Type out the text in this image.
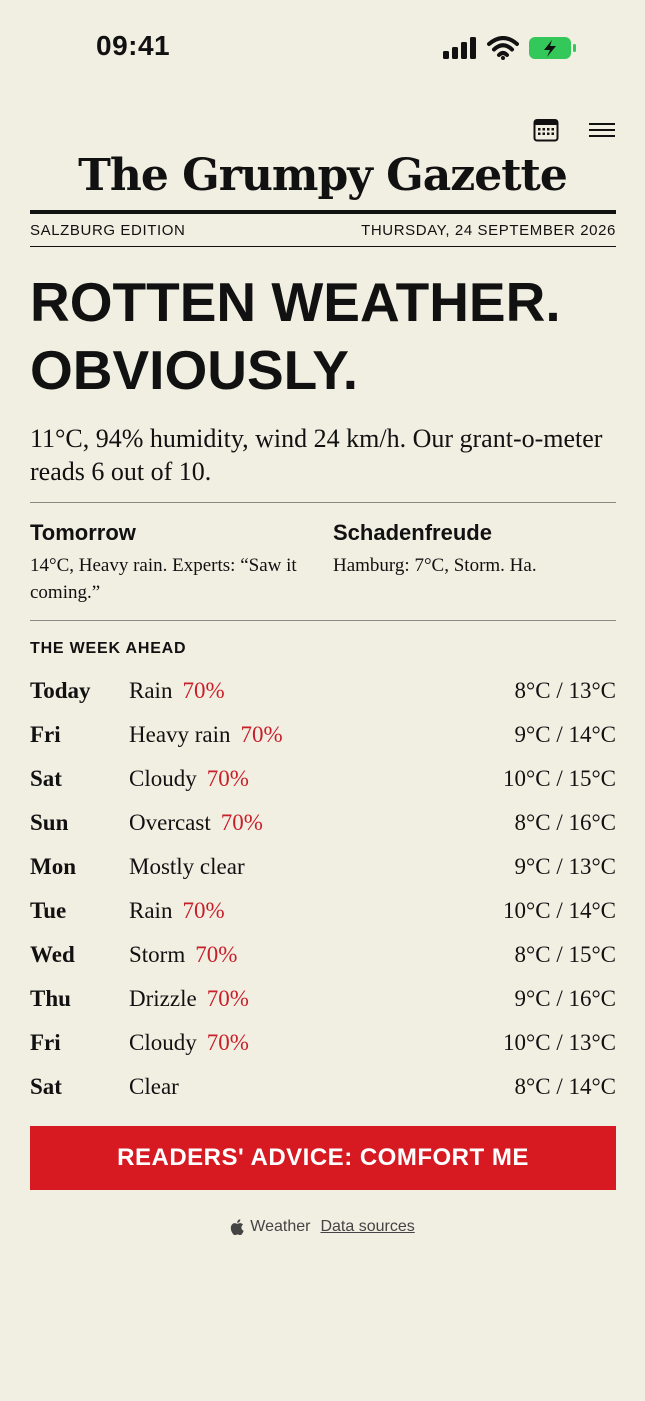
09:41
The Grumpy Gazette
SALZBURG EDITION	THURSDAY, 24 SEPTEMBER 2026
ROTTEN WEATHER. OBVIOUSLY.

11°C, 94% humidity, wind 24 km/h. Our grant-o-meter reads 6 out of 10.

Tomorrow
14°C, Heavy rain. Experts: “Saw it coming.”
Schadenfreude
Hamburg: 7°C, Storm. Ha.
THE WEEK AHEAD
Today Rain 70%	8°C / 13°C
Fri	Heavy rain 70%	9°C / 14°C
Sat	Cloudy 70%	10°C / 15°C
Sun	Overcast 70%	8°C / 16°C
Mon Mostly clear	9°C / 13°C
Tue	Rain 70%	10°C / 14°C
Wed Storm 70%	8°C / 15°C
Thu	Drizzle 70%	9°C / 16°C
Fri	Cloudy 70%	10°C / 13°C
Sat	Clear	8°C / 14°C
READERS' ADVICE: COMFORT ME
Weather Data sources
